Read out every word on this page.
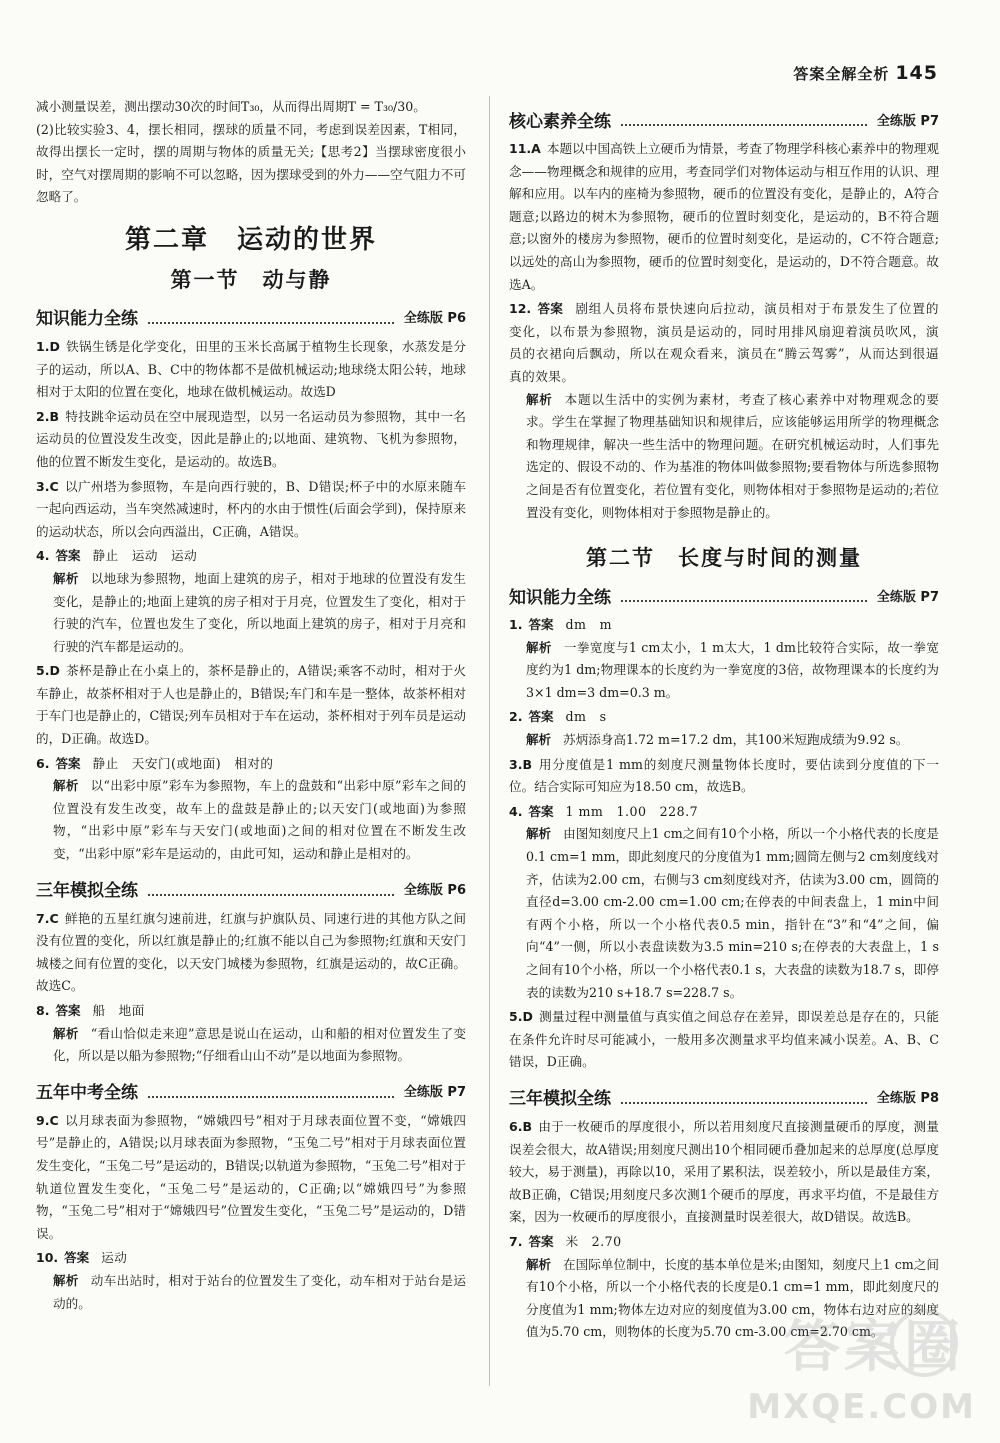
答案全解全析 145

减小测量误差，测出摆动30次的时间T₃₀，从而得出周期T = T₃₀/30。

(2)比较实验3、4，摆长相同，摆球的质量不同，考虑到误差因素，T相同，故得出摆长一定时，摆的周期与物体的质量无关;【思考2】当摆球密度很小时，空气对摆周期的影响不可以忽略，因为摆球受到的外力——空气阻力不可忽略了。

第二章　运动的世界
第一节　动与静
知识能力全练	全练版 P6

1.D 铁锅生锈是化学变化，田里的玉米长高属于植物生长现象，水蒸发是分子的运动，所以A、B、C中的物体都不是做机械运动;地球绕太阳公转，地球相对于太阳的位置在变化，地球在做机械运动。故选D

2.B 特技跳伞运动员在空中展现造型，以另一名运动员为参照物，其中一名运动员的位置没发生改变，因此是静止的;以地面、建筑物、飞机为参照物，他的位置不断发生变化，是运动的。故选B。

3.C 以广州塔为参照物，车是向西行驶的，B、D错误;杯子中的水原来随车一起向西运动，当车突然减速时，杯内的水由于惯性(后面会学到)，保持原来的运动状态，所以会向西溢出，C正确，A错误。

4. 答案 静止　运动　运动

解析 以地球为参照物，地面上建筑的房子，相对于地球的位置没有发生变化，是静止的;地面上建筑的房子相对于月亮，位置发生了变化，相对于行驶的汽车，位置也发生了变化，所以地面上建筑的房子，相对于月亮和行驶的汽车都是运动的。

5.D 茶杯是静止在小桌上的，茶杯是静止的，A错误;乘客不动时，相对于火车静止，故茶杯相对于人也是静止的，B错误;车门和车是一整体，故茶杯相对于车门也是静止的，C错误;列车员相对于车在运动，茶杯相对于列车员是运动的，D正确。故选D。

6. 答案 静止　天安门(或地面)　相对的

解析 以“出彩中原”彩车为参照物，车上的盘鼓和“出彩中原”彩车之间的位置没有发生改变，故车上的盘鼓是静止的;以天安门(或地面)为参照物，“出彩中原”彩车与天安门(或地面)之间的相对位置在不断发生改变，“出彩中原”彩车是运动的，由此可知，运动和静止是相对的。

三年模拟全练	全练版 P6

7.C 鲜艳的五星红旗匀速前进，红旗与护旗队员、同速行进的其他方队之间没有位置的变化，所以红旗是静止的;红旗不能以自己为参照物;红旗和天安门城楼之间有位置的变化，以天安门城楼为参照物，红旗是运动的，故C正确。故选C。

8. 答案 船　地面

解析 “看山恰似走来迎”意思是说山在运动，山和船的相对位置发生了变化，所以是以船为参照物;“仔细看山山不动”是以地面为参照物。

五年中考全练	全练版 P7

9.C 以月球表面为参照物，“嫦娥四号”相对于月球表面位置不变，“嫦娥四号”是静止的，A错误;以月球表面为参照物，“玉兔二号”相对于月球表面位置发生变化，“玉兔二号”是运动的，B错误;以轨道为参照物，“玉兔二号”相对于轨道位置发生变化，“玉兔二号”是运动的，C正确;以“嫦娥四号”为参照物，“玉兔二号”相对于“嫦娥四号”位置发生变化，“玉兔二号”是运动的，D错误。

10. 答案 运动

解析 动车出站时，相对于站台的位置发生了变化，动车相对于站台是运动的。

核心素养全练	全练版 P7

11.A 本题以中国高铁上立硬币为情景，考查了物理学科核心素养中的物理观念——物理概念和规律的应用，考查同学们对物体运动与相互作用的认识、理解和应用。以车内的座椅为参照物，硬币的位置没有变化，是静止的，A符合题意;以路边的树木为参照物，硬币的位置时刻变化，是运动的，B不符合题意;以窗外的楼房为参照物，硬币的位置时刻变化，是运动的，C不符合题意;以远处的高山为参照物，硬币的位置时刻变化，是运动的，D不符合题意。故选A。

12. 答案 剧组人员将布景快速向后拉动，演员相对于布景发生了位置的变化，以布景为参照物，演员是运动的，同时用排风扇迎着演员吹风，演员的衣裙向后飘动，所以在观众看来，演员在“腾云驾雾”，从而达到很逼真的效果。

解析 本题以生活中的实例为素材，考查了核心素养中对物理观念的要求。学生在掌握了物理基础知识和规律后，应该能够运用所学的物理概念和物理规律，解决一些生活中的物理问题。在研究机械运动时，人们事先选定的、假设不动的、作为基准的物体叫做参照物;要看物体与所选参照物之间是否有位置变化，若位置有变化，则物体相对于参照物是运动的;若位置没有变化，则物体相对于参照物是静止的。

第二节　长度与时间的测量
知识能力全练	全练版 P7

1. 答案 dm　m

解析 一拳宽度与1 cm太小，1 m太大，1 dm比较符合实际，故一拳宽度约为1 dm;物理课本的长度约为一拳宽度的3倍，故物理课本的长度约为3×1 dm=3 dm=0.3 m。

2. 答案 dm　s

解析 苏炳添身高1.72 m=17.2 dm，其100米短跑成绩为9.92 s。

3.B 用分度值是1 mm的刻度尺测量物体长度时，要估读到分度值的下一位。结合实际可知应为18.50 cm，故选B。

4. 答案 1 mm　1.00　228.7

解析 由图知刻度尺上1 cm之间有10个小格，所以一个小格代表的长度是0.1 cm=1 mm，即此刻度尺的分度值为1 mm;圆筒左侧与2 cm刻度线对齐，估读为2.00 cm，右侧与3 cm刻度线对齐，估读为3.00 cm，圆筒的直径d=3.00 cm-2.00 cm=1.00 cm;在停表的中间表盘上，1 min中间有两个小格，所以一个小格代表0.5 min，指针在“3”和“4”之间，偏向“4”一侧，所以小表盘读数为3.5 min=210 s;在停表的大表盘上，1 s之间有10个小格，所以一个小格代表0.1 s，大表盘的读数为18.7 s，即停表的读数为210 s+18.7 s=228.7 s。

5.D 测量过程中测量值与真实值之间总存在差异，即误差总是存在的，只能在条件允许时尽可能减小，一般用多次测量求平均值来减小误差。A、B、C错误，D正确。

三年模拟全练	全练版 P8

6.B 由于一枚硬币的厚度很小，所以若用刻度尺直接测量硬币的厚度，测量误差会很大，故A错误;用刻度尺测出10个相同硬币叠加起来的总厚度(总厚度较大，易于测量)，再除以10，采用了累积法，误差较小，所以是最佳方案，故B正确，C错误;用刻度尺多次测1个硬币的厚度，再求平均值，不是最佳方案，因为一枚硬币的厚度很小，直接测量时误差很大，故D错误。故选B。

7. 答案 米　2.70

解析 在国际单位制中，长度的基本单位是米;由图知，刻度尺上1 cm之间有10个小格，所以一个小格代表的长度是0.1 cm=1 mm，即此刻度尺的分度值为1 mm;物体左边对应的刻度值为3.00 cm，物体右边对应的刻度值为5.70 cm，则物体的长度为5.70 cm-3.00 cm=2.70 cm。

答案圈
MXQE.COM
